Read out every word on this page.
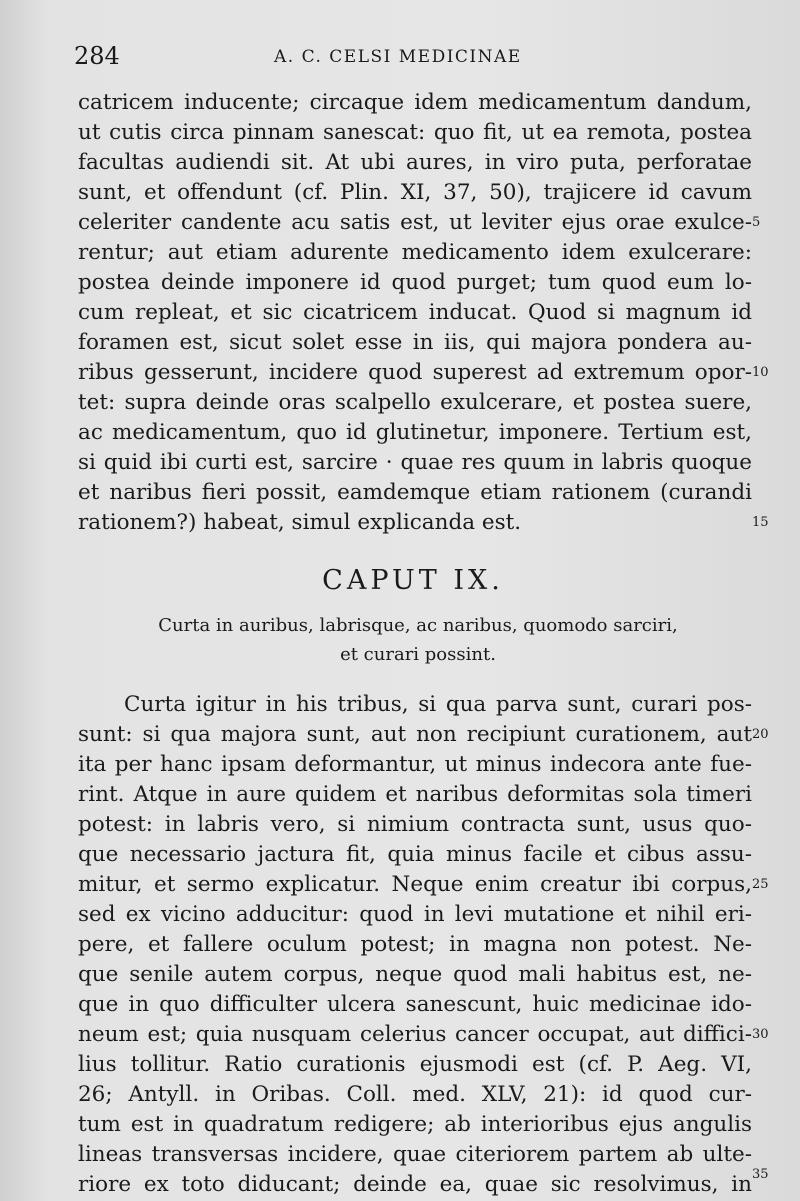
284	A. C. CELSI MEDICINAE
catricem inducente; circaque idem medicamentum dandum,
ut cutis circa pinnam sanescat: quo fit, ut ea remota, postea
facultas audiendi sit. At ubi aures, in viro puta, perforatae
sunt, et offendunt (cf. Plin. XI, 37, 50), trajicere id cavum
celeriter candente acu satis est, ut leviter ejus orae exulce-
rentur; aut etiam adurente medicamento idem exulcerare:
postea deinde imponere id quod purget; tum quod eum lo-
cum repleat, et sic cicatricem inducat. Quod si magnum id
foramen est, sicut solet esse in iis, qui majora pondera au-
ribus gesserunt, incidere quod superest ad extremum opor-
tet: supra deinde oras scalpello exulcerare, et postea suere,
ac medicamentum, quo id glutinetur, imponere. Tertium est,
si quid ibi curti est, sarcire · quae res quum in labris quoque
et naribus fieri possit, eamdemque etiam rationem (curandi
rationem?) habeat, simul explicanda est.
CAPUT IX.
Curta in auribus, labrisque, ac naribus, quomodo sarciri,
et curari possint.
Curta igitur in his tribus, si qua parva sunt, curari pos-
sunt: si qua majora sunt, aut non recipiunt curationem, aut
ita per hanc ipsam deformantur, ut minus indecora ante fue-
rint. Atque in aure quidem et naribus deformitas sola timeri
potest: in labris vero, si nimium contracta sunt, usus quo-
que necessario jactura fit, quia minus facile et cibus assu-
mitur, et sermo explicatur. Neque enim creatur ibi corpus,
sed ex vicino adducitur: quod in levi mutatione et nihil eri-
pere, et fallere oculum potest; in magna non potest. Ne-
que senile autem corpus, neque quod mali habitus est, ne-
que in quo difficulter ulcera sanescunt, huic medicinae ido-
neum est; quia nusquam celerius cancer occupat, aut diffici-
lius tollitur. Ratio curationis ejusmodi est (cf. P. Aeg. VI,
26; Antyll. in Oribas. Coll. med. XLV, 21): id quod cur-
tum est in quadratum redigere; ab interioribus ejus angulis
lineas transversas incidere, quae citeriorem partem ab ulte-
riore ex toto diducant; deinde ea, quae sic resolvimus, in
5
10
15
20
25
30
35
